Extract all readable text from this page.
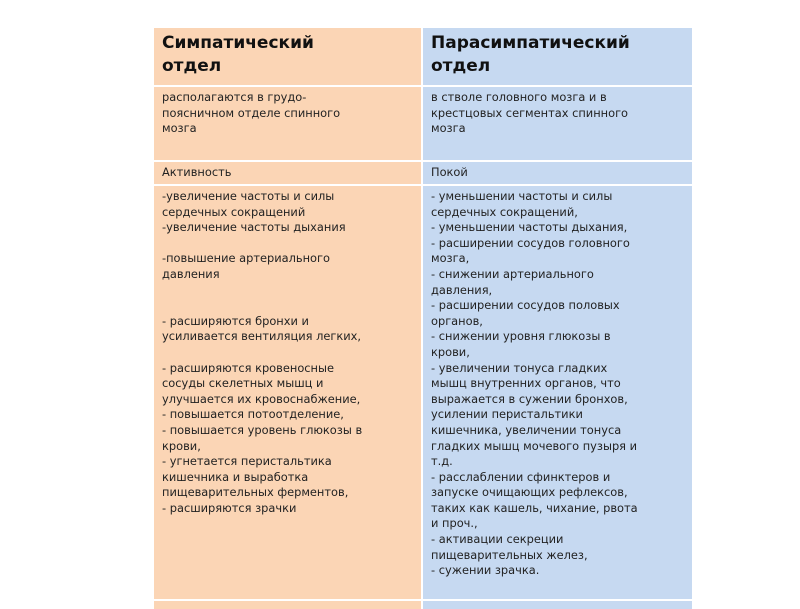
Симпатический
отдел
Парасимпатический
отдел
располагаются в грудо-
поясничном отделе спинного
мозга
в стволе головного мозга и в
крестцовых сегментах спинного
мозга
Активность	Покой
-увеличение частоты и силы
сердечных сокращений
-увеличение частоты дыхания
-повышение артериального
давления
- расширяются бронхи и
усиливается вентиляция легких,
- расширяются кровеносные
сосуды скелетных мышц и
улучшается их кровоснабжение,
- повышается потоотделение,
- повышается уровень глюкозы в
крови,
- угнетается перистальтика
кишечника и выработка
пищеварительных ферментов,
- расширяются зрачки
- уменьшении частоты и силы
сердечных сокращений,
- уменьшении частоты дыхания,
- расширении сосудов головного
мозга,
- снижении артериального
давления,
- расширении сосудов половых
органов,
- снижении уровня глюкозы в
крови,
- увеличении тонуса гладких
мышц внутренних органов, что
выражается в сужении бронхов,
усилении перистальтики
кишечника, увеличении тонуса
гладких мышц мочевого пузыря и
т.д.
- расслаблении сфинктеров и
запуске очищающих рефлексов,
таких как кашель, чихание, рвота
и проч.,
- активации секреции
пищеварительных желез,
- сужении зрачка.
